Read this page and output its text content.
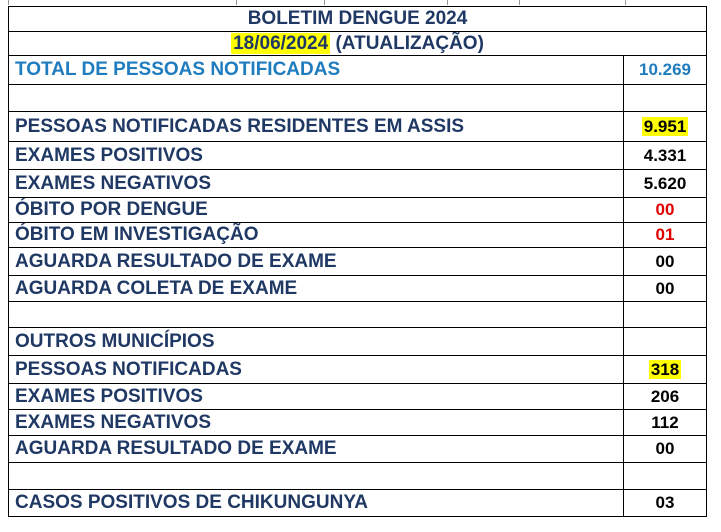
BOLETIM DENGUE 2024	
18/06/2024 (ATUALIZAÇÃO)	
TOTAL DE PESSOAS NOTIFICADAS	10.269

PESSOAS NOTIFICADAS RESIDENTES EM ASSIS	9.951
EXAMES POSITIVOS	4.331
EXAMES NEGATIVOS	5.620
ÓBITO POR DENGUE	00
ÓBITO EM INVESTIGAÇÃO	01
AGUARDA RESULTADO DE EXAME	00
AGUARDA COLETA DE EXAME	00

OUTROS MUNICÍPIOS	
PESSOAS NOTIFICADAS	318
EXAMES POSITIVOS	206
EXAMES NEGATIVOS	112
AGUARDA RESULTADO DE EXAME	00

CASOS POSITIVOS DE CHIKUNGUNYA	03
